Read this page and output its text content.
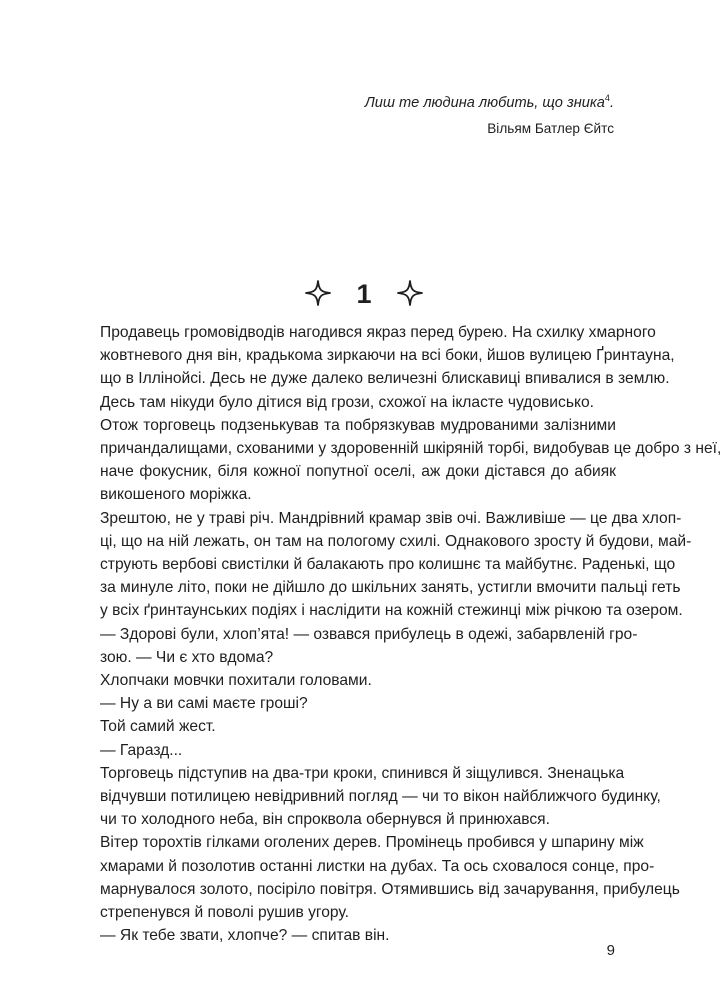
Лиш те людина любить, що зника$^4$.
Вільям Батлер Єйтс
1
Продавець громовідводів нагодився якраз перед бурею. На схилку хмарного
жовтневого дня він, крадькома зиркаючи на всі боки, йшов вулицею Ґринтауна,
що в Іллінойсі. Десь не дуже далеко величезні блискавиці впивалися в землю.
Десь там нікуди було дітися від грози, схожої на ікласте чудовисько.
Отож торговець подзенькував та побрязкував мудрованими залізними
причандалищами, схованими у здоровенній шкіряній торбі, видобував це добро з неї,
наче фокусник, біля кожної попутної оселі, аж доки дістався до абияк
викошеного моріжка.
Зрештою, не у траві річ. Мандрівний крамар звів очі. Важливіше — це два хлоп-
ці, що на ній лежать, он там на пологому схилі. Однакового зросту й будови, май-
струють вербові свистілки й балакають про колишнє та майбутнє. Раденькі, що
за минуле літо, поки не дійшло до шкільних занять, устигли вмочити пальці геть
у всіх ґринтаунських подіях і наслідити на кожній стежинці між річкою та озером.
— Здорові були, хлоп’ята! — озвався прибулець в одежі, забарвленій гро-
зою. — Чи є хто вдома?
Хлопчаки мовчки похитали головами.
— Ну а ви самі маєте гроші?
Той самий жест.
— Гаразд...
Торговець підступив на два-три кроки, спинився й зіщулився. Зненацька
відчувши потилицею невідривний погляд — чи то вікон найближчого будинку,
чи то холодного неба, він спроквола обернувся й принюхався.
Вітер торохтів гілками оголених дерев. Промінець пробився у шпарину між
хмарами й позолотив останні листки на дубах. Та ось сховалося сонце, про-
марнувалося золото, посіріло повітря. Отямившись від зачарування, прибулець
стрепенувся й поволі рушив угору.
— Як тебе звати, хлопче? — спитав він.
9
